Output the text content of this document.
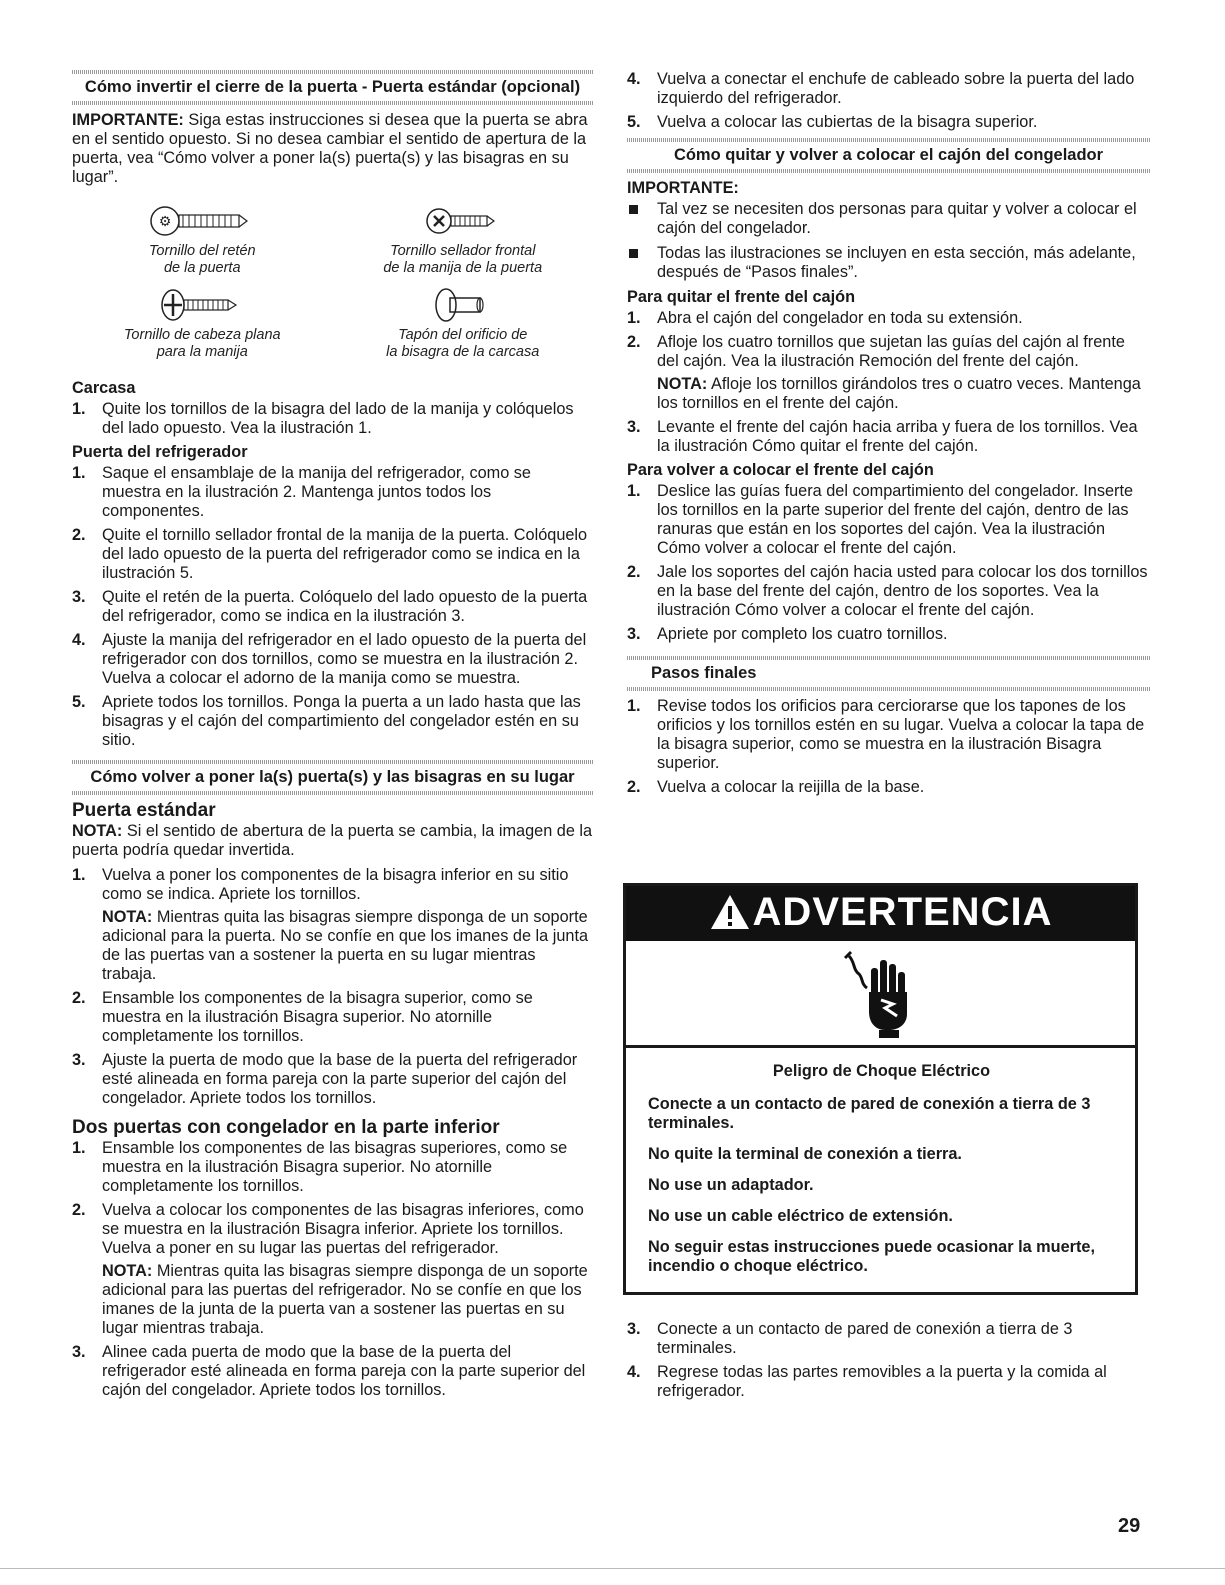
Cómo invertir el cierre de la puerta - Puerta estándar (opcional)

IMPORTANTE: Siga estas instrucciones si desea que la puerta se abra en el sentido opuesto. Si no desea cambiar el sentido de apertura de la puerta, vea “Cómo volver a poner la(s) puerta(s) y las bisagras en su lugar”.

⚙
Tornillo del retén
de la puerta
Tornillo sellador frontal
de la manija de la puerta
Tornillo de cabeza plana
para la manija
Tapón del orificio de
la bisagra de la carcasa
Carcasa
1. Quite los tornillos de la bisagra del lado de la manija y colóquelos del lado opuesto. Vea la ilustración 1.
Puerta del refrigerador
1. Saque el ensamblaje de la manija del refrigerador, como se muestra en la ilustración 2. Mantenga juntos todos los componentes.
2. Quite el tornillo sellador frontal de la manija de la puerta. Colóquelo del lado opuesto de la puerta del refrigerador como se indica en la ilustración 5.
3. Quite el retén de la puerta. Colóquelo del lado opuesto de la puerta del refrigerador, como se indica en la ilustración 3.
4. Ajuste la manija del refrigerador en el lado opuesto de la puerta del refrigerador con dos tornillos, como se muestra en la ilustración 2. Vuelva a colocar el adorno de la manija como se muestra.
5. Apriete todos los tornillos. Ponga la puerta a un lado hasta que las bisagras y el cajón del compartimiento del congelador estén en su sitio.
Cómo volver a poner la(s) puerta(s) y las bisagras en su lugar
Puerta estándar

NOTA: Si el sentido de abertura de la puerta se cambia, la imagen de la puerta podría quedar invertida.

1. Vuelva a poner los componentes de la bisagra inferior en su sitio como se indica. Apriete los tornillos.
NOTA: Mientras quita las bisagras siempre disponga de un soporte adicional para la puerta. No se confíe en que los imanes de la junta de las puertas van a sostener la puerta en su lugar mientras trabaja.
2. Ensamble los componentes de la bisagra superior, como se muestra en la ilustración Bisagra superior. No atornille completamente los tornillos.
3. Ajuste la puerta de modo que la base de la puerta del refrigerador esté alineada en forma pareja con la parte superior del cajón del congelador. Apriete todos los tornillos.
Dos puertas con congelador en la parte inferior
1. Ensamble los componentes de las bisagras superiores, como se muestra en la ilustración Bisagra superior. No atornille completamente los tornillos.
2. Vuelva a colocar los componentes de las bisagras inferiores, como se muestra en la ilustración Bisagra inferior. Apriete los tornillos. Vuelva a poner en su lugar las puertas del refrigerador.
NOTA: Mientras quita las bisagras siempre disponga de un soporte adicional para las puertas del refrigerador. No se confíe en que los imanes de la junta de la puerta van a sostener las puertas en su lugar mientras trabaja.
3. Alinee cada puerta de modo que la base de la puerta del refrigerador esté alineada en forma pareja con la parte superior del cajón del congelador. Apriete todos los tornillos.
4. Vuelva a conectar el enchufe de cableado sobre la puerta del lado izquierdo del refrigerador.
5. Vuelva a colocar las cubiertas de la bisagra superior.
Cómo quitar y volver a colocar el cajón del congelador
IMPORTANTE:
Tal vez se necesiten dos personas para quitar y volver a colocar el cajón del congelador.
Todas las ilustraciones se incluyen en esta sección, más adelante, después de “Pasos finales”.
Para quitar el frente del cajón
1. Abra el cajón del congelador en toda su extensión.
2. Afloje los cuatro tornillos que sujetan las guías del cajón al frente del cajón. Vea la ilustración Remoción del frente del cajón.
NOTA: Afloje los tornillos girándolos tres o cuatro veces. Mantenga los tornillos en el frente del cajón.
3. Levante el frente del cajón hacia arriba y fuera de los tornillos. Vea la ilustración Cómo quitar el frente del cajón.
Para volver a colocar el frente del cajón
1. Deslice las guías fuera del compartimiento del congelador. Inserte los tornillos en la parte superior del frente del cajón, dentro de las ranuras que están en los soportes del cajón. Vea la ilustración Cómo volver a colocar el frente del cajón.
2. Jale los soportes del cajón hacia usted para colocar los dos tornillos en la base del frente del cajón, dentro de los soportes. Vea la ilustración Cómo volver a colocar el frente del cajón.
3. Apriete por completo los cuatro tornillos.
Pasos finales
1. Revise todos los orificios para cerciorarse que los tapones de los orificios y los tornillos estén en su lugar. Vuelva a colocar la tapa de la bisagra superior, como se muestra en la ilustración Bisagra superior.
2. Vuelva a colocar la reijilla de la base.
ADVERTENCIA
Peligro de Choque Eléctrico

Conecte a un contacto de pared de conexión a tierra de 3 terminales.

No quite la terminal de conexión a tierra.

No use un adaptador.

No use un cable eléctrico de extensión.

No seguir estas instrucciones puede ocasionar la muerte, incendio o choque eléctrico.

3. Conecte a un contacto de pared de conexión a tierra de 3 terminales.
4. Regrese todas las partes removibles a la puerta y la comida al refrigerador.
29
